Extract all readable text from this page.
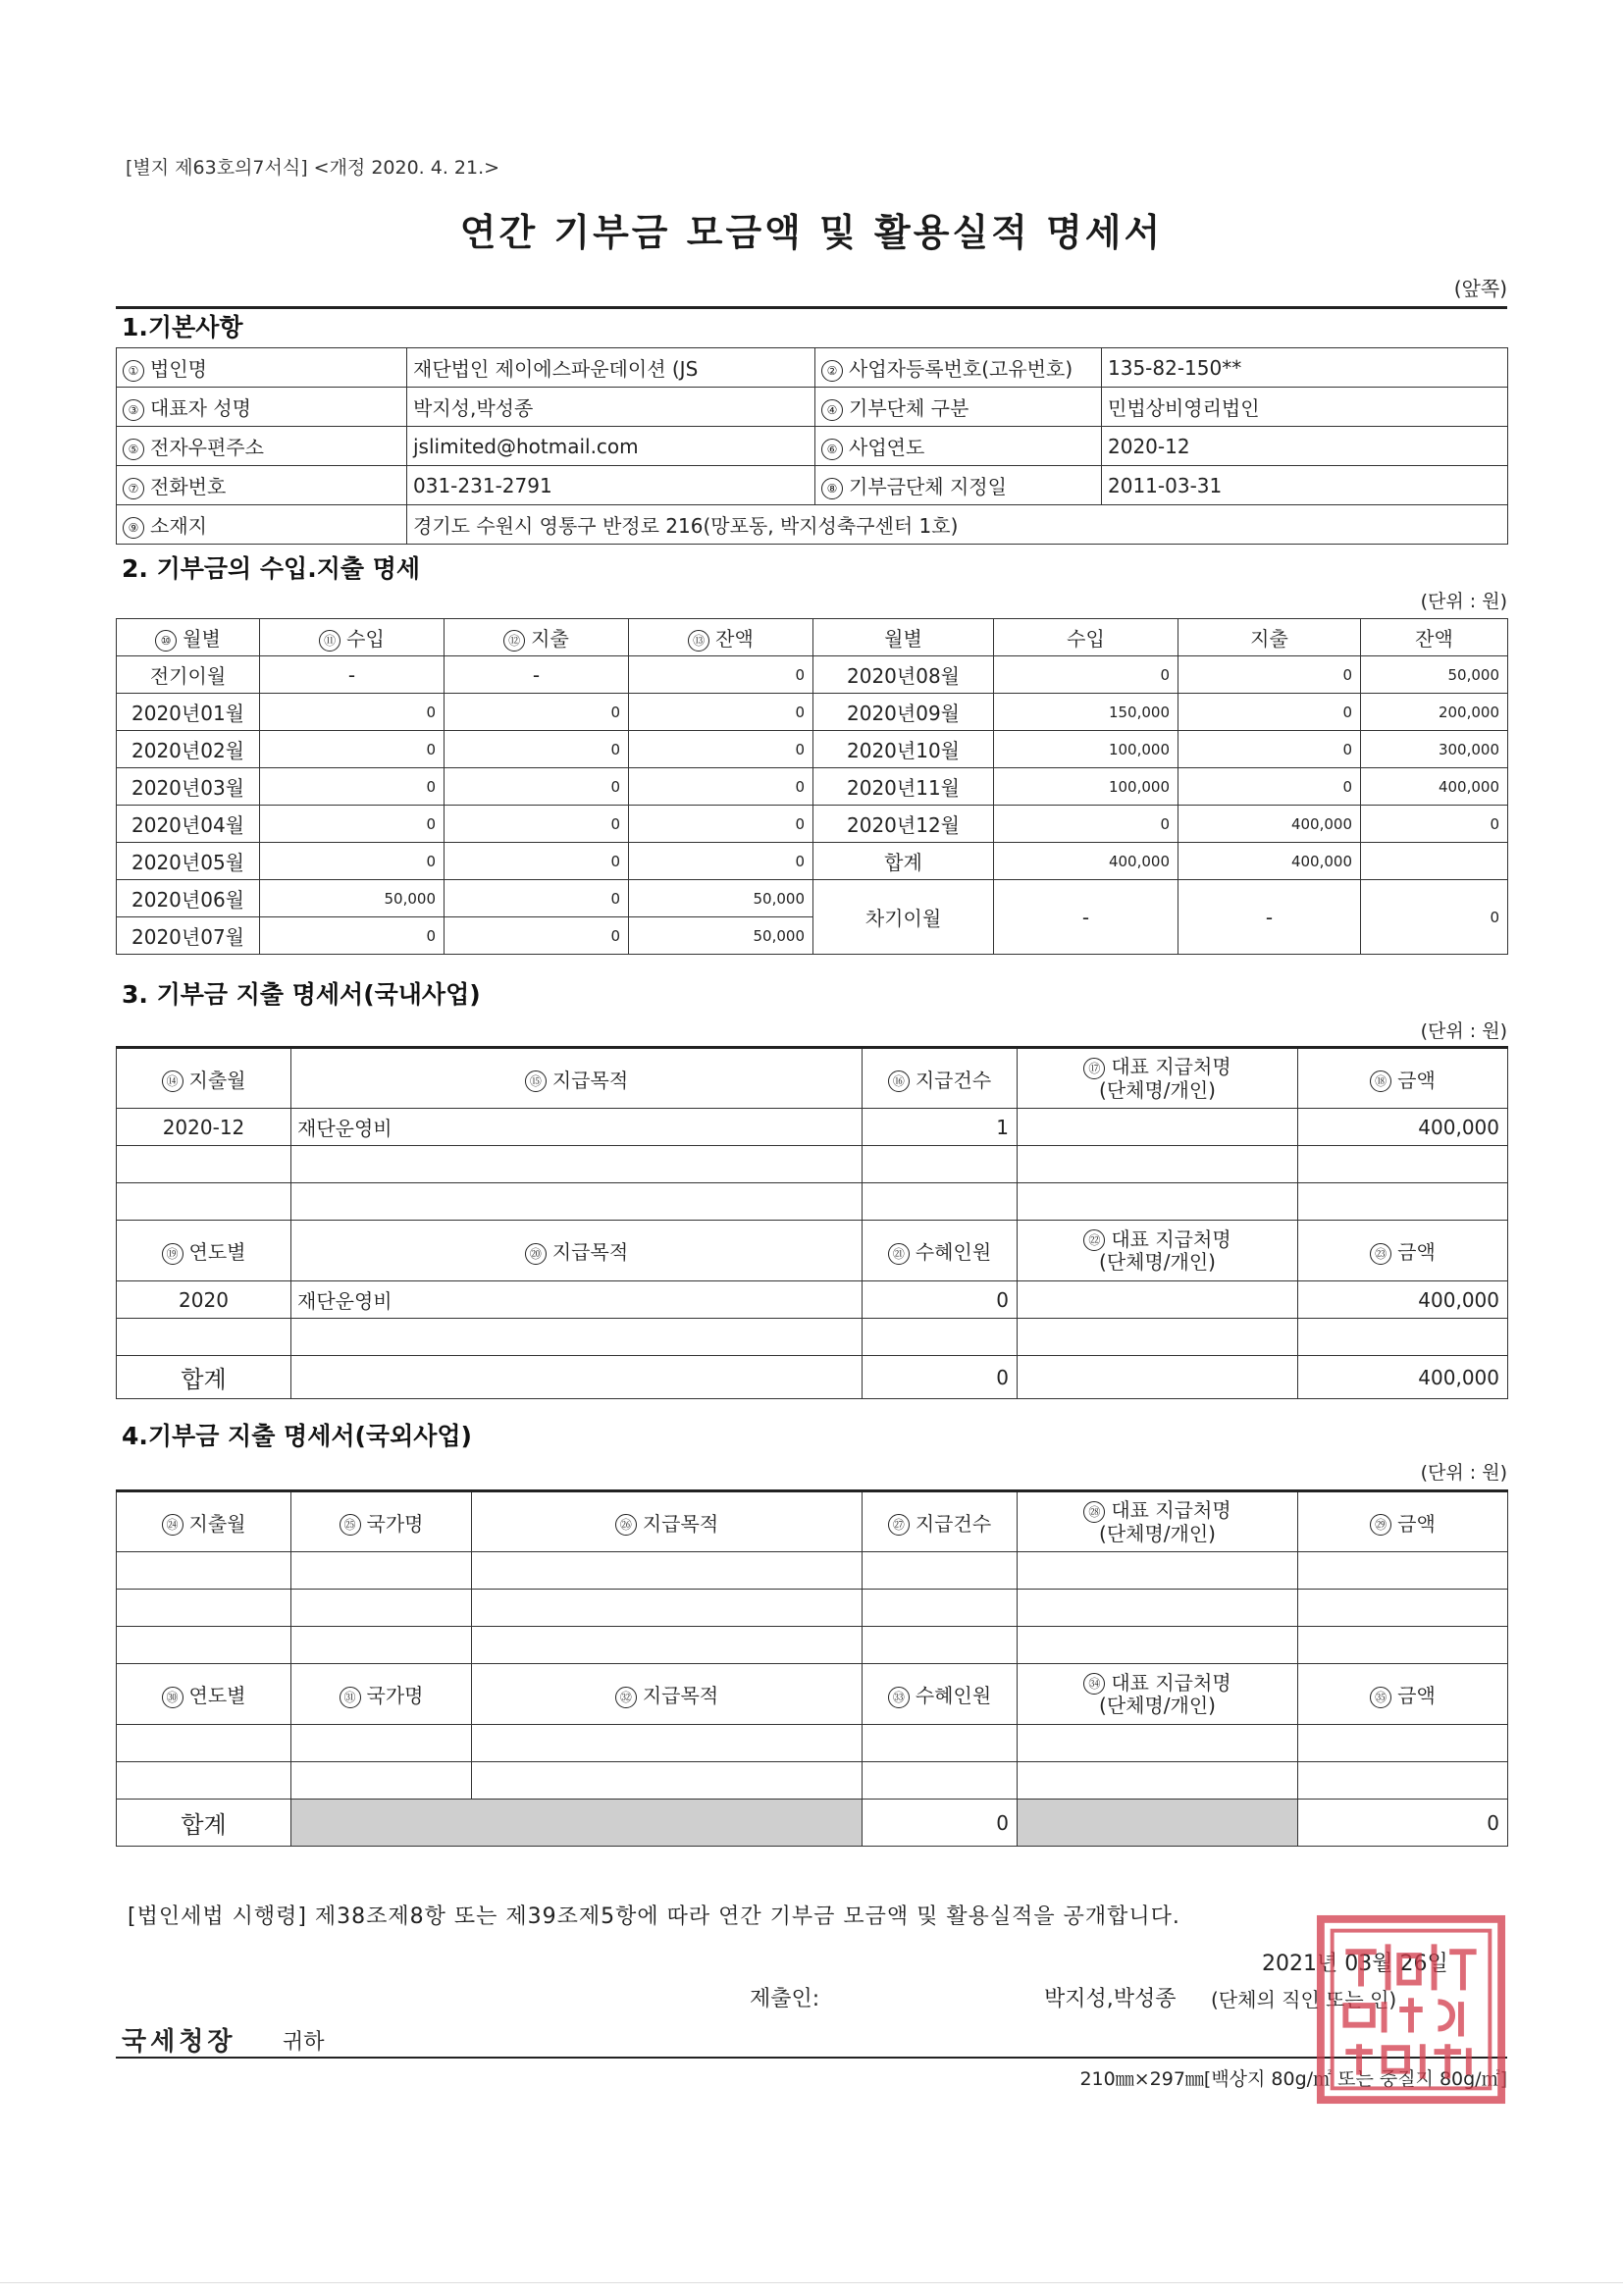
[별지 제63호의7서식] <개정 2020. 4. 21.>
연간 기부금 모금액 및 활용실적 명세서
(앞쪽)
1.기본사항
① 법인명	재단법인 제이에스파운데이션 (JS	② 사업자등록번호(고유번호)	135-82-150**
③ 대표자 성명	박지성,박성종	④ 기부단체 구분	민법상비영리법인
⑤ 전자우편주소	jslimited@hotmail.com	⑥ 사업연도	2020-12
⑦ 전화번호	031-231-2791	⑧ 기부금단체 지정일	2011-03-31
⑨ 소재지	경기도 수원시 영통구 반정로 216(망포동, 박지성축구센터 1호)		
2. 기부금의 수입.지출 명세
(단위 : 원)
⑩ 월별	⑪ 수입	⑫ 지출	⑬ 잔액	월별	수입	지출	잔액
전기이월	-	-	0	2020년08월	0	0	50,000
2020년01월	0	0	0	2020년09월	150,000	0	200,000
2020년02월	0	0	0	2020년10월	100,000	0	300,000
2020년03월	0	0	0	2020년11월	100,000	0	400,000
2020년04월	0	0	0	2020년12월	0	400,000	0
2020년05월	0	0	0	합계	400,000	400,000	
2020년06월	50,000	0	50,000	차기이월	-	-	0
2020년07월	0	0	50,000				
3. 기부금 지출 명세서(국내사업)
(단위 : 원)
⑭ 지출월	⑮ 지급목적	⑯ 지급건수	⑰ 대표 지급처명
(단체명/개인)	⑱ 금액
2020-12	재단운영비	1		400,000

⑲ 연도별	⑳ 지급목적	㉑ 수혜인원	㉒ 대표 지급처명
(단체명/개인)	㉓ 금액
2020	재단운영비	0		400,000

합계		0		400,000
4.기부금 지출 명세서(국외사업)
(단위 : 원)
㉔ 지출월	㉕ 국가명	㉖ 지급목적	㉗ 지급건수	㉘ 대표 지급처명
(단체명/개인)	㉙ 금액

㉚ 연도별	㉛ 국가명	㉜ 지급목적	㉝ 수혜인원	㉞ 대표 지급처명
(단체명/개인)	㉟ 금액

합계			0		0
[법인세법 시행령] 제38조제8항 또는 제39조제5항에 따라 연간 기부금 모금액 및 활용실적을 공개합니다.
2021년 03월 26일
제출인:	박지성,박성종 (단체의 직인 또는 인)
국세청장 귀하
210㎜×297㎜[백상지 80g/㎡ 또는 중질지 80g/㎡]
